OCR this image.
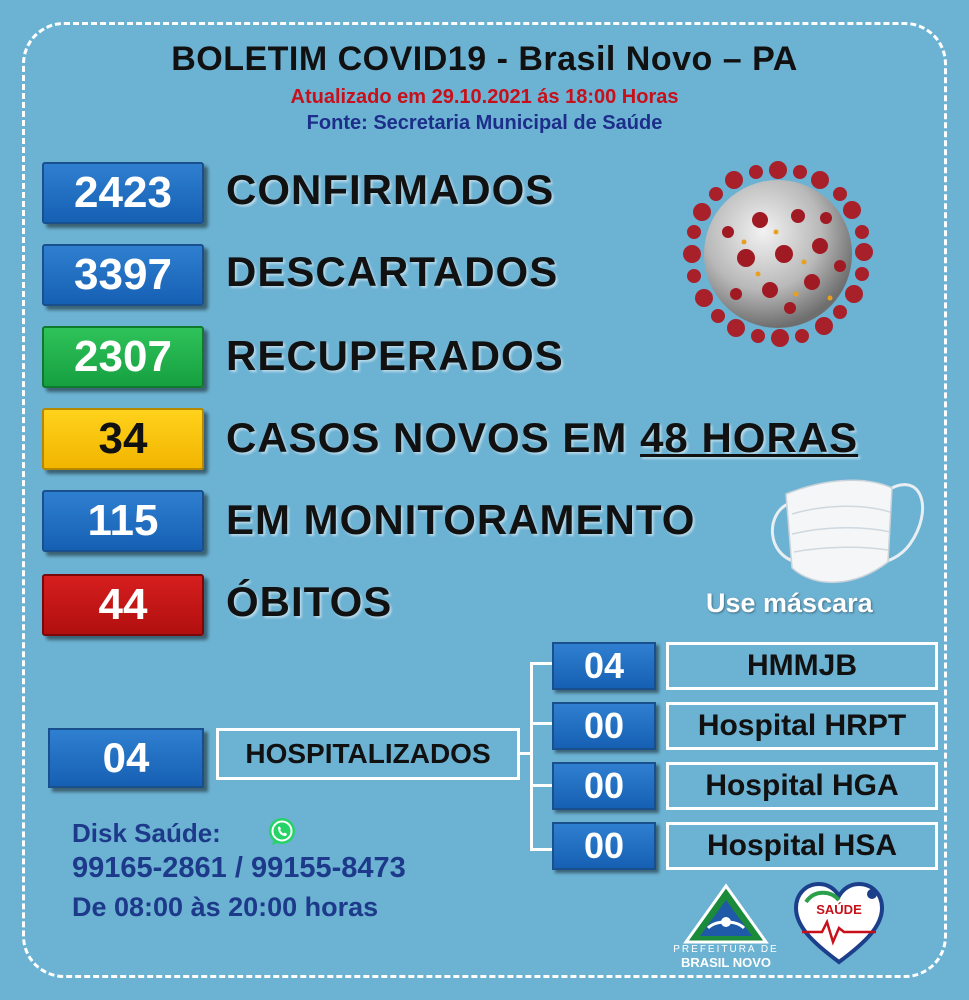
BOLETIM COVID19 - Brasil Novo – PA
Atualizado em 29.10.2021 ás 18:00 Horas
Fonte: Secretaria Municipal de Saúde
2423	CONFIRMADOS
3397	DESCARTADOS
2307	RECUPERADOS
34	CASOS NOVOS EM 48 HORAS
115	EM MONITORAMENTO
44	ÓBITOS	Use máscara
04	HOSPITALIZADOS
04	HMMJB
00	Hospital HRPT
00	Hospital HGA
00	Hospital HSA
Disk Saúde:
99165-2861 / 99155-8473
De 08:00 às 20:00 horas
PREFEITURA DE
BRASIL NOVO
SAÚDE
